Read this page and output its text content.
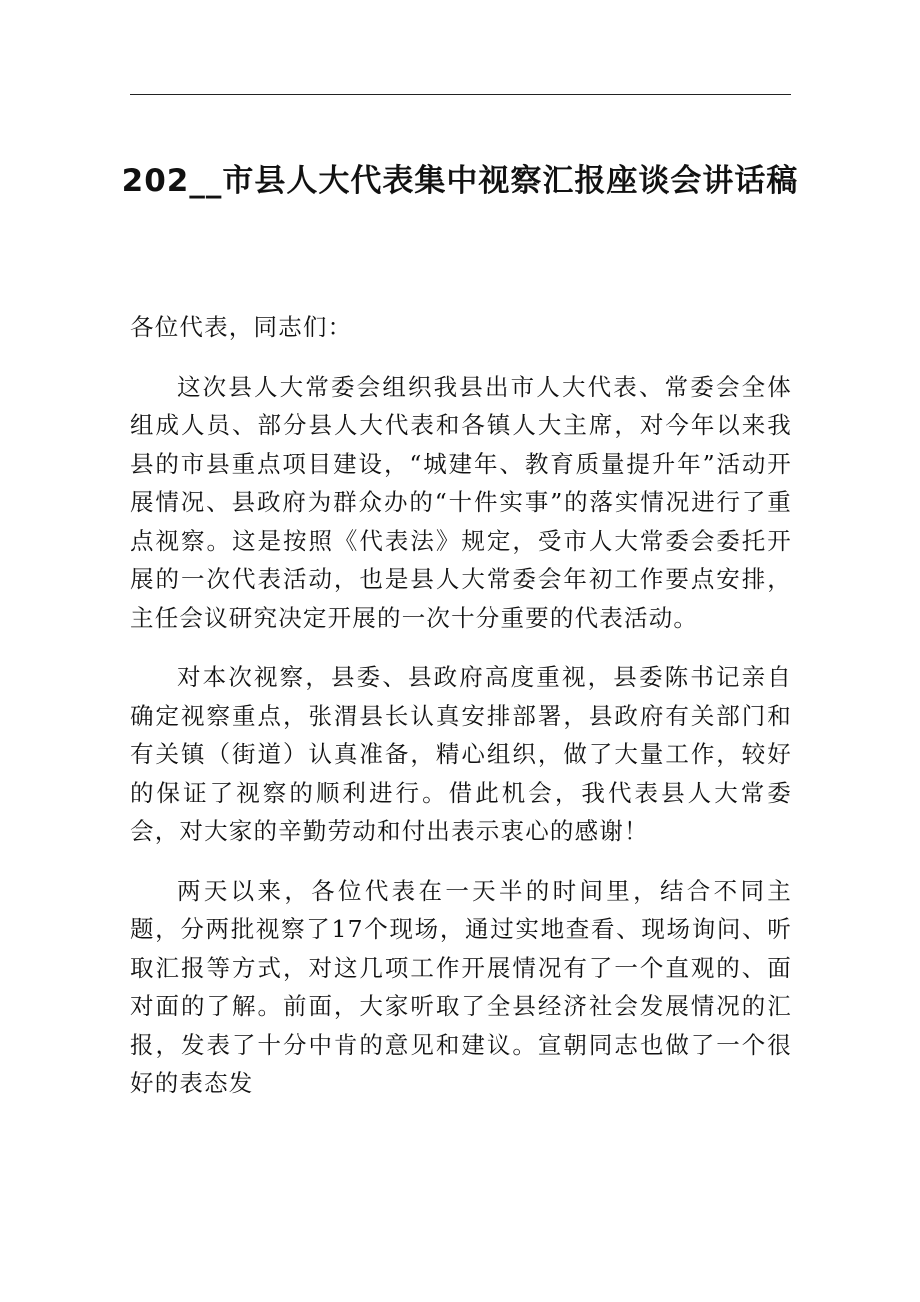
202__市县人大代表集中视察汇报座谈会讲话稿

各位代表，同志们：

这次县人大常委会组织我县出市人大代表、常委会全体组成人员、部分县人大代表和各镇人大主席，对今年以来我县的市县重点项目建设，“城建年、教育质量提升年”活动开展情况、县政府为群众办的“十件实事”的落实情况进行了重点视察。这是按照《代表法》规定，受市人大常委会委托开展的一次代表活动，也是县人大常委会年初工作要点安排，主任会议研究决定开展的一次十分重要的代表活动。

对本次视察，县委、县政府高度重视，县委陈书记亲自确定视察重点，张渭县长认真安排部署，县政府有关部门和有关镇（街道）认真准备，精心组织，做了大量工作，较好的保证了视察的顺利进行。借此机会，我代表县人大常委会，对大家的辛勤劳动和付出表示衷心的感谢！

两天以来，各位代表在一天半的时间里，结合不同主题，分两批视察了17个现场，通过实地查看、现场询问、听取汇报等方式，对这几项工作开展情况有了一个直观的、面对面的了解。前面，大家听取了全县经济社会发展情况的汇报，发表了十分中肯的意见和建议。宣朝同志也做了一个很好的表态发
